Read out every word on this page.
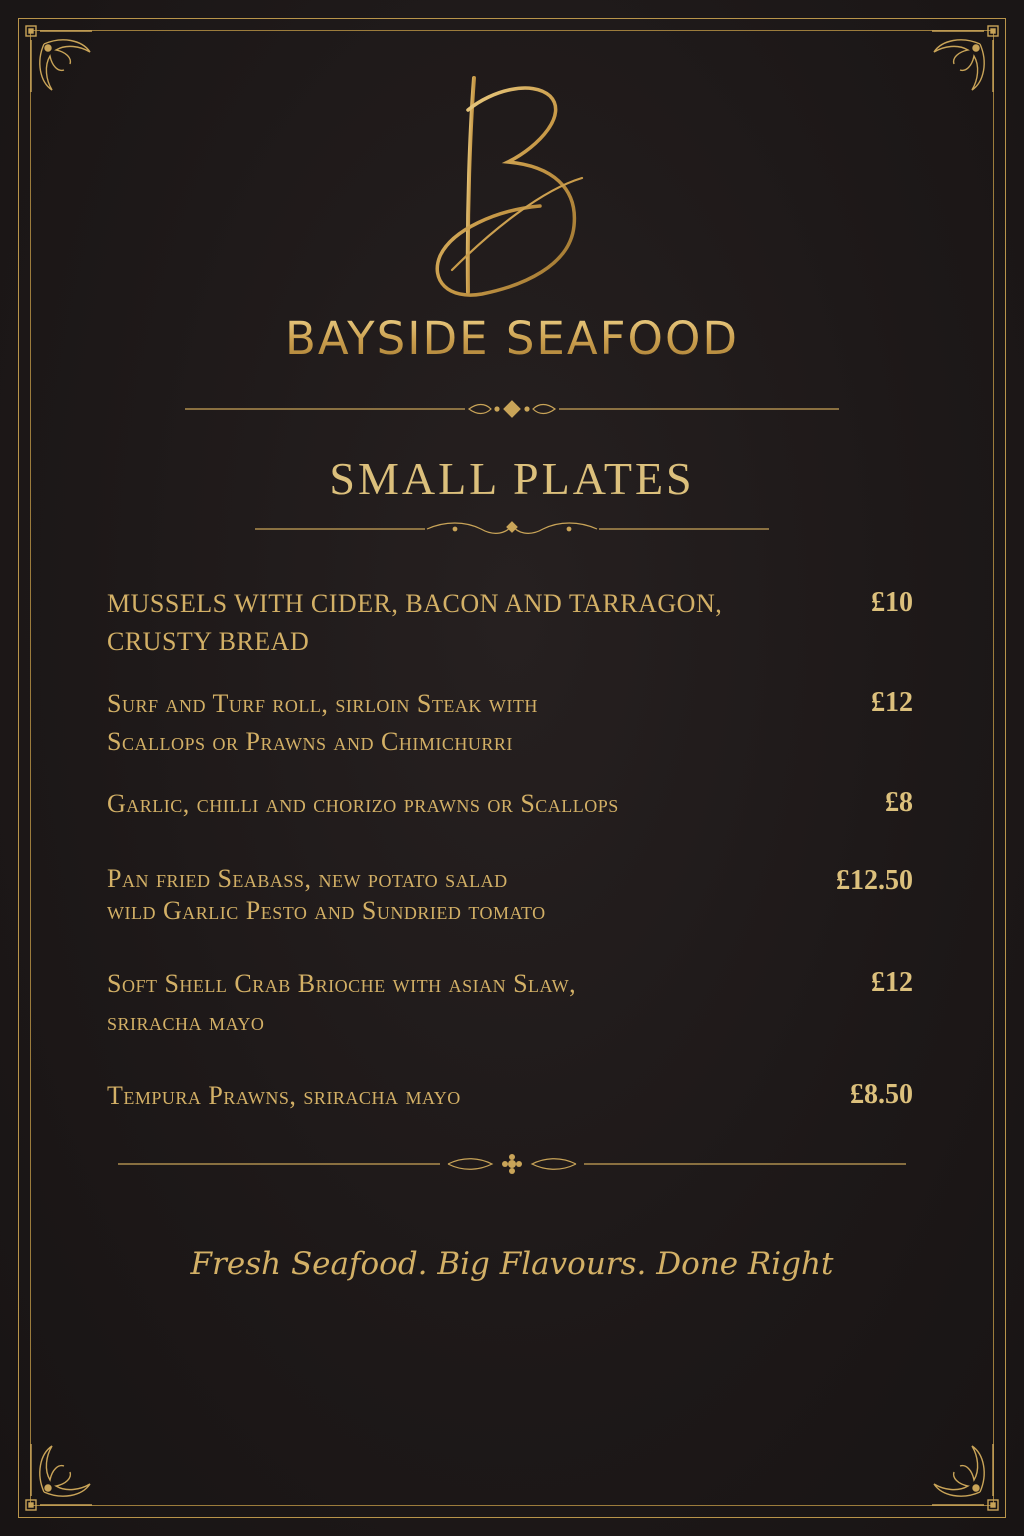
BAYSIDE SEAFOOD
SMALL PLATES
MUSSELS WITH CIDER, BACON AND TARRAGON,
CRUSTY BREAD
£10
Surf and Turf roll, sirloin Steak with
Scallops or Prawns and Chimichurri
£12
Garlic, chilli and chorizo prawns or Scallops	£8
Pan fried Seabass, new potato salad
wild Garlic Pesto and Sundried tomato
£12.50
Soft Shell Crab Brioche with asian Slaw,
sriracha mayo
£12
Tempura Prawns, sriracha mayo	£8.50
Fresh Seafood. Big Flavours. Done Right
